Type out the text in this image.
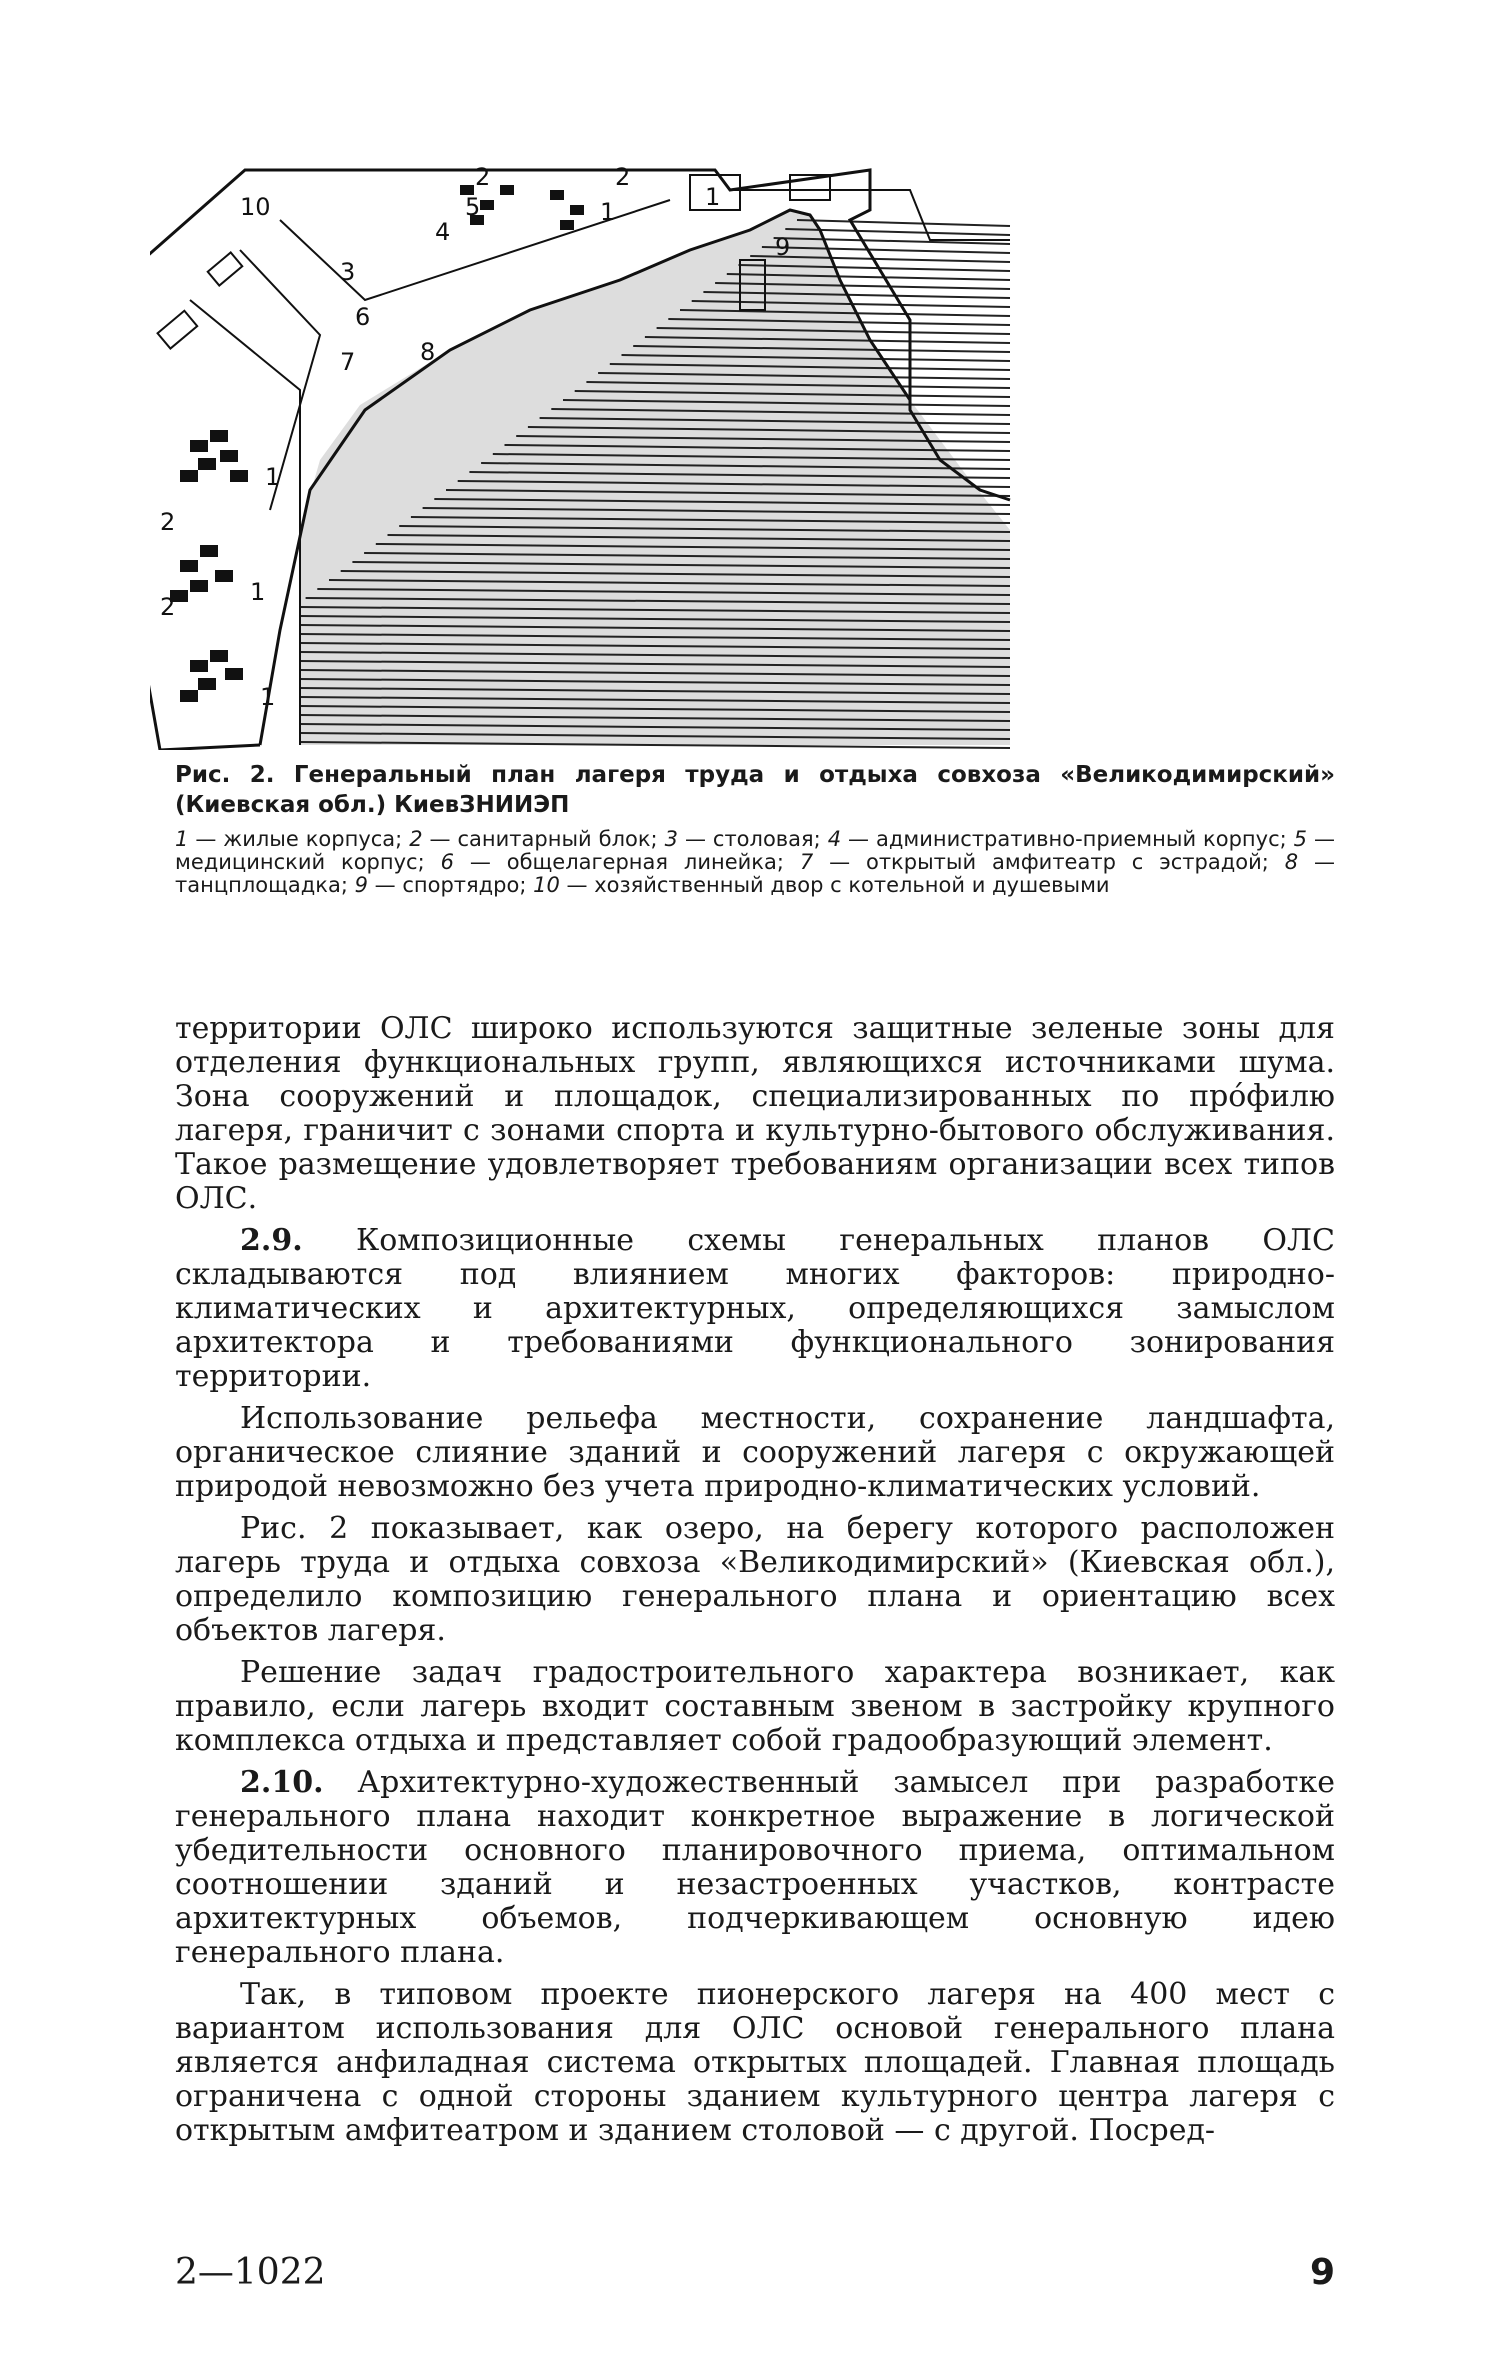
1
1
1
1
1
2
2
2	2
3
4
5
6
7	8
9
10

Рис. 2. Генеральный план лагеря труда и отдыха совхоза «Великодимирский» (Киевская обл.) КиевЗНИИЭП

1 — жилые корпуса; 2 — санитарный блок; 3 — столовая; 4 — административно-приемный корпус; 5 — медицинский корпус; 6 — общелагерная линейка; 7 — открытый амфитеатр с эстрадой; 8 — танцплощадка; 9 — спортядро; 10 — хозяйственный двор с котельной и душевыми

территории ОЛС широко используются защитные зеленые зоны для отделения функциональных групп, являющихся источниками шума. Зона сооружений и площадок, специализированных по прóфилю лагеря, граничит с зонами спорта и культурно-бытового обслуживания. Такое размещение удовлетворяет требованиям организации всех типов ОЛС.

2.9. Композиционные схемы генеральных планов ОЛС складываются под влиянием многих факторов: природно-климатических и архитектурных, определяющихся замыслом архитектора и требованиями функционального зонирования территории.

Использование рельефа местности, сохранение ландшафта, органическое слияние зданий и сооружений лагеря с окружающей природой невозможно без учета природно-климатических условий.

Рис. 2 показывает, как озеро, на берегу которого расположен лагерь труда и отдыха совхоза «Великодимирский» (Киевская обл.), определило композицию генерального плана и ориентацию всех объектов лагеря.

Решение задач градостроительного характера возникает, как правило, если лагерь входит составным звеном в застройку крупного комплекса отдыха и представляет собой градообразующий элемент.

2.10. Архитектурно-художественный замысел при разработке генерального плана находит конкретное выражение в логической убедительности основного планировочного приема, оптимальном соотношении зданий и незастроенных участков, контрасте архитектурных объемов, подчеркивающем основную идею генерального плана.

Так, в типовом проекте пионерского лагеря на 400 мест с вариантом использования для ОЛС основой генерального плана является анфиладная система открытых площадей. Главная площадь ограничена с одной стороны зданием культурного центра лагеря с открытым амфитеатром и зданием столовой — с другой. Посред-

2—1022	9
